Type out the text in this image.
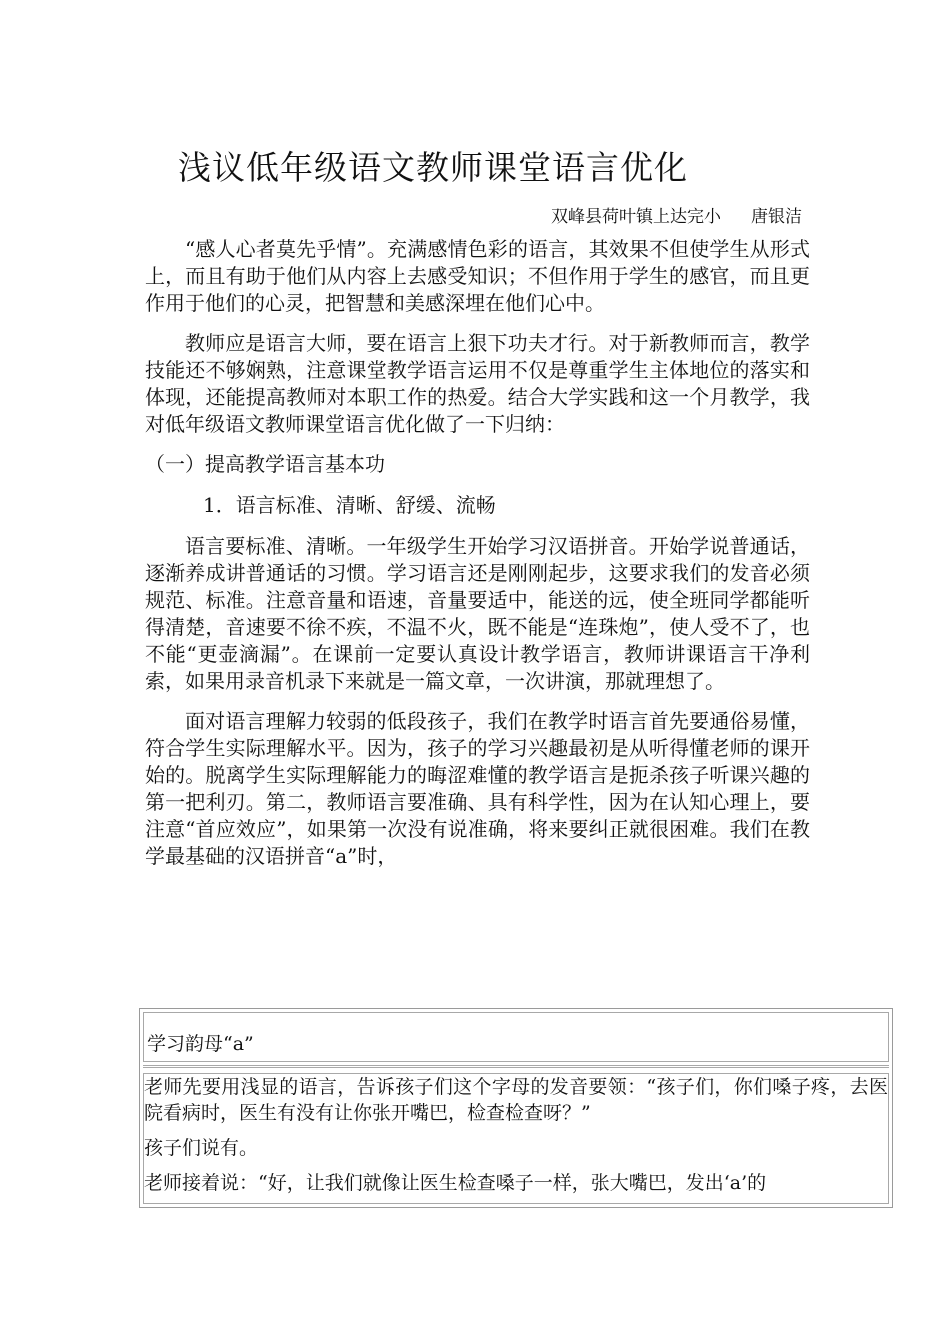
浅议低年级语文教师课堂语言优化
双峰县荷叶镇上达完小 唐银洁

“感人心者莫先乎情”。充满感情色彩的语言，其效果不但使学生从形式上，而且有助于他们从内容上去感受知识；不但作用于学生的感官，而且更作用于他们的心灵，把智慧和美感深埋在他们心中。

教师应是语言大师，要在语言上狠下功夫才行。对于新教师而言，教学技能还不够娴熟，注意课堂教学语言运用不仅是尊重学生主体地位的落实和体现，还能提高教师对本职工作的热爱。结合大学实践和这一个月教学，我对低年级语文教师课堂语言优化做了一下归纳：

（一）提高教学语言基本功

1．语言标准、清晰、舒缓、流畅

语言要标准、清晰。一年级学生开始学习汉语拼音。开始学说普通话，逐渐养成讲普通话的习惯。学习语言还是刚刚起步，这要求我们的发音必须规范、标准。注意音量和语速，音量要适中，能送的远，使全班同学都能听得清楚，音速要不徐不疾，不温不火，既不能是“连珠炮”，使人受不了，也不能“更壶滴漏”。在课前一定要认真设计教学语言，教师讲课语言干净利索，如果用录音机录下来就是一篇文章，一次讲演，那就理想了。

面对语言理解力较弱的低段孩子，我们在教学时语言首先要通俗易懂，符合学生实际理解水平。因为，孩子的学习兴趣最初是从听得懂老师的课开始的。脱离学生实际理解能力的晦涩难懂的教学语言是扼杀孩子听课兴趣的第一把利刃。第二，教师语言要准确、具有科学性，因为在认知心理上，要注意“首应效应”，如果第一次没有说准确，将来要纠正就很困难。我们在教学最基础的汉语拼音“a”时，

学习韵母“a”

老师先要用浅显的语言，告诉孩子们这个字母的发音要领：“孩子们，你们嗓子疼，去医院看病时，医生有没有让你张开嘴巴，检查检查呀？”

孩子们说有。

老师接着说：“好，让我们就像让医生检查嗓子一样，张大嘴巴，发出‘a’的
